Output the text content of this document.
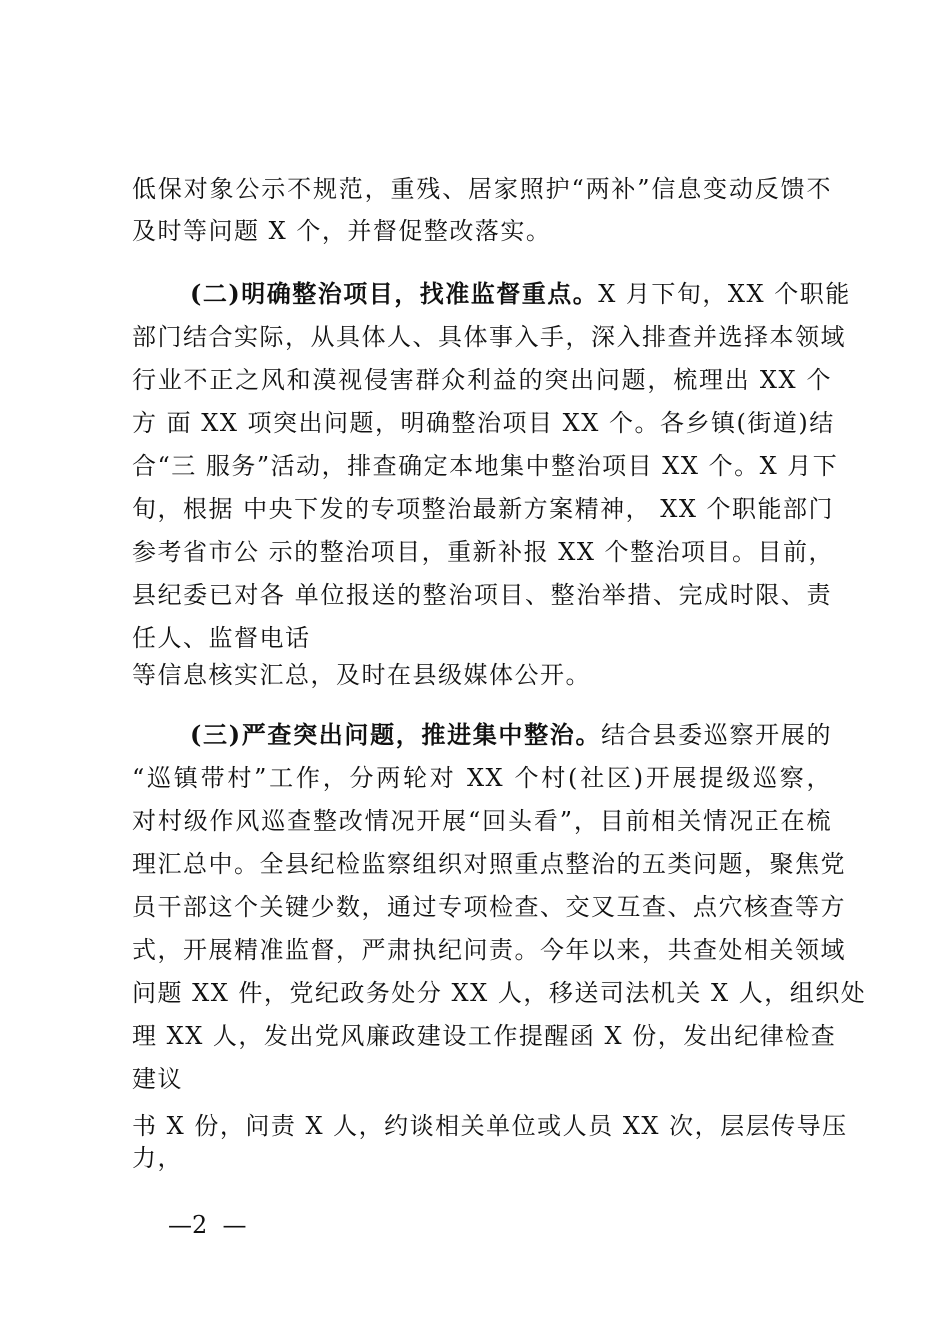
低保对象公示不规范，重残、居家照护“两补”信息变动反馈不
及时等问题 X 个，并督促整改落实。
(二)明确整治项目，找准监督重点。X 月下旬，XX 个职能
部门结合实际，从具体人、具体事入手，深入排查并选择本领域
行业不正之风和漠视侵害群众利益的突出问题，梳理出 XX 个
方 面 XX 项突出问题，明确整治项目 XX 个。各乡镇(街道)结
合“三 服务”活动，排查确定本地集中整治项目 XX 个。X 月下
旬，根据 中央下发的专项整治最新方案精神， XX 个职能部门
参考省市公 示的整治项目，重新补报 XX 个整治项目。目前，
县纪委已对各 单位报送的整治项目、整治举措、完成时限、责
任人、监督电话
等信息核实汇总，及时在县级媒体公开。
(三)严查突出问题，推进集中整治。结合县委巡察开展的
“巡镇带村”工作，分两轮对 XX 个村(社区)开展提级巡察，
对村级作风巡查整改情况开展“回头看”，目前相关情况正在梳
理汇总中。全县纪检监察组织对照重点整治的五类问题，聚焦党
员干部这个关键少数，通过专项检查、交叉互查、点穴核查等方
式，开展精准监督，严肃执纪问责。今年以来，共查处相关领域
问题 XX 件，党纪政务处分 XX 人，移送司法机关 X 人，组织处
理 XX 人，发出党风廉政建设工作提醒函 X 份，发出纪律检查
建议
书 X 份，问责 X 人，约谈相关单位或人员 XX 次，层层传导压
力，
—2  —
